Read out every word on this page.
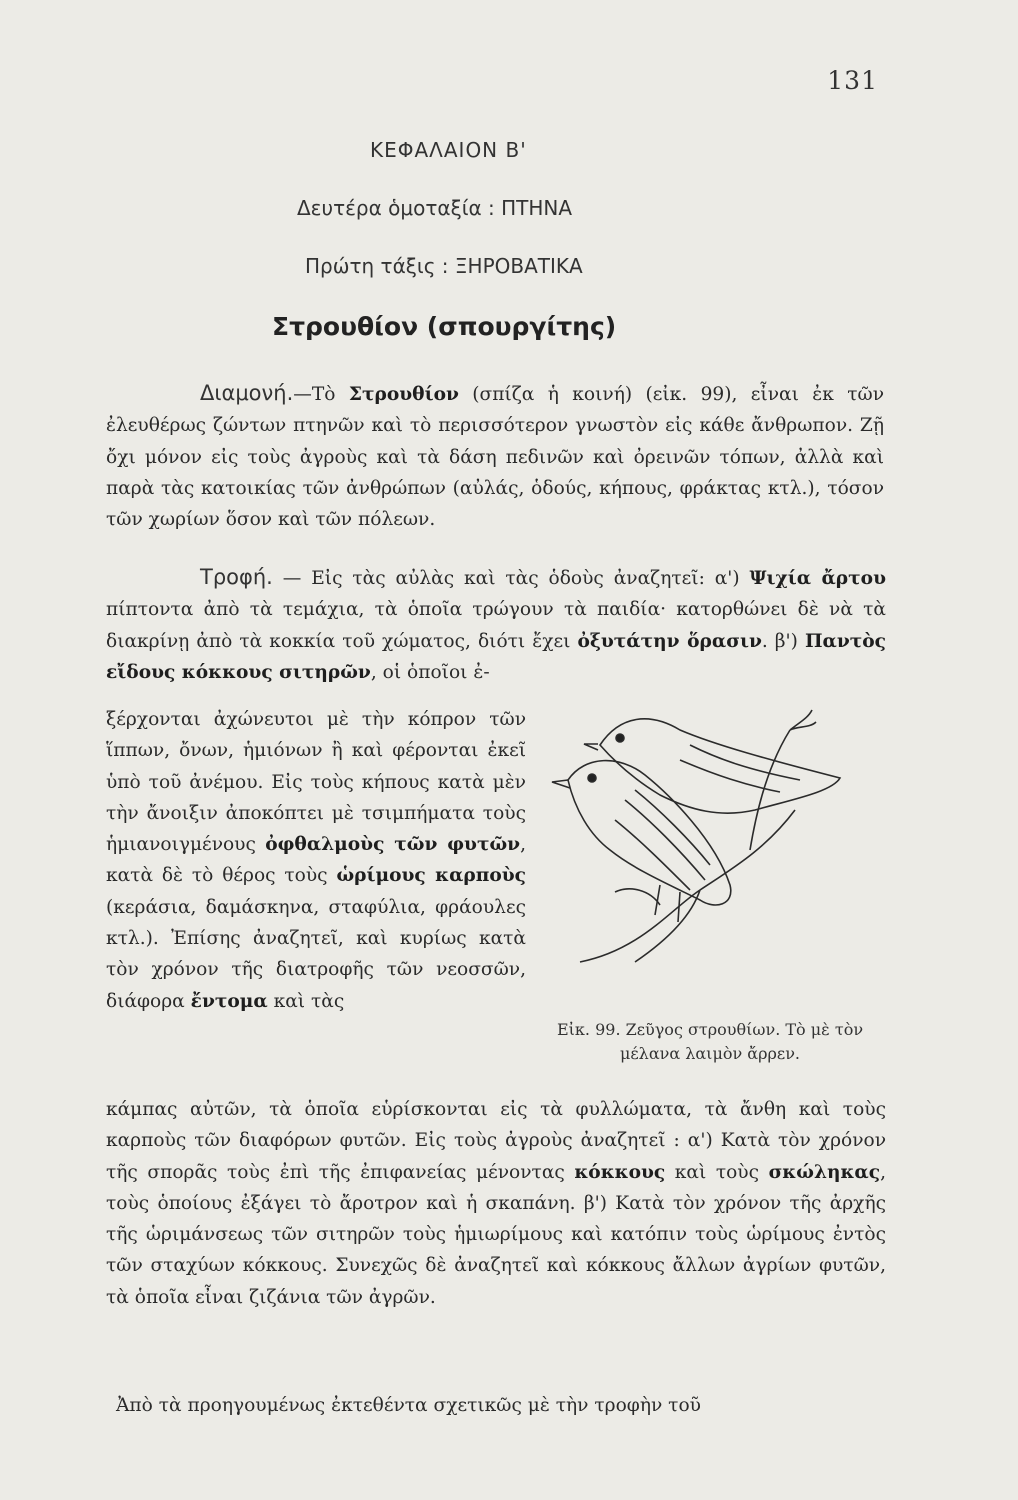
131
ΚΕΦΑΛΑΙΟΝ Β'
Δευτέρα ὁμοταξία : ΠΤΗΝΑ
Πρώτη τάξις : ΞΗΡΟΒΑΤΙΚΑ
Στρουθίον (σπουργίτης)

Διαμονή.—Τὸ Στρουθίον (σπίζα ἡ κοινή) (εἰκ. 99), εἶναι ἐκ τῶν ἐλευθέρως ζώντων πτηνῶν καὶ τὸ περισσότερον γνωστὸν εἰς κάθε ἄνθρωπον. Ζῇ ὄχι μόνον εἰς τοὺς ἀγροὺς καὶ τὰ δάση πεδινῶν καὶ ὀρεινῶν τόπων, ἀλλὰ καὶ παρὰ τὰς κατοικίας τῶν ἀνθρώπων (αὐλάς, ὁδούς, κήπους, φράκτας κτλ.), τόσον τῶν χωρίων ὅσον καὶ τῶν πόλεων.

Τροφή. — Εἰς τὰς αὐλὰς καὶ τὰς ὁδοὺς ἀναζητεῖ: α') Ψιχία ἄρτου πίπτοντα ἀπὸ τὰ τεμάχια, τὰ ὁποῖα τρώγουν τὰ παιδία· κατορθώνει δὲ νὰ τὰ διακρίνῃ ἀπὸ τὰ κοκκία τοῦ χώματος, διότι ἔχει ὀξυτάτην ὅρασιν. β') Παντὸς εἴδους κόκκους σιτηρῶν, οἱ ὁποῖοι ἐ-

ξέρχονται ἀχώνευτοι μὲ τὴν κόπρον τῶν ἵππων, ὄνων, ἡμιόνων ἢ καὶ φέρονται ἐκεῖ ὑπὸ τοῦ ἀνέμου. Εἰς τοὺς κήπους κατὰ μὲν τὴν ἄνοιξιν ἀποκόπτει μὲ τσιμπήματα τοὺς ἡμιανοιγμένους ὀφθαλμοὺς τῶν φυτῶν, κατὰ δὲ τὸ θέρος τοὺς ὡρίμους καρποὺς (κεράσια, δαμάσκηνα, σταφύλια, φράουλες κτλ.). Ἐπίσης ἀναζητεῖ, καὶ κυρίως κατὰ τὸν χρόνον τῆς διατροφῆς τῶν νεοσσῶν, διάφορα ἔντομα καὶ τὰς

Εἰκ. 99. Ζεῦγος στρουθίων. Τὸ μὲ τὸν μέλανα λαιμὸν ἄρρεν.

κάμπας αὐτῶν, τὰ ὁποῖα εὑρίσκονται εἰς τὰ φυλλώματα, τὰ ἄνθη καὶ τοὺς καρποὺς τῶν διαφόρων φυτῶν. Εἰς τοὺς ἀγροὺς ἀναζητεῖ : α') Κατὰ τὸν χρόνον τῆς σπορᾶς τοὺς ἐπὶ τῆς ἐπιφανείας μένοντας κόκκους καὶ τοὺς σκώληκας, τοὺς ὁποίους ἐξάγει τὸ ἄροτρον καὶ ἡ σκαπάνη. β') Κατὰ τὸν χρόνον τῆς ἀρχῆς τῆς ὡριμάνσεως τῶν σιτηρῶν τοὺς ἡμιωρίμους καὶ κατόπιν τοὺς ὡρίμους ἐντὸς τῶν σταχύων κόκκους. Συνεχῶς δὲ ἀναζητεῖ καὶ κόκκους ἄλλων ἀγρίων φυτῶν, τὰ ὁποῖα εἶναι ζιζάνια τῶν ἀγρῶν.

Ἀπὸ τὰ προηγουμένως ἐκτεθέντα σχετικῶς μὲ τὴν τροφὴν τοῦ
